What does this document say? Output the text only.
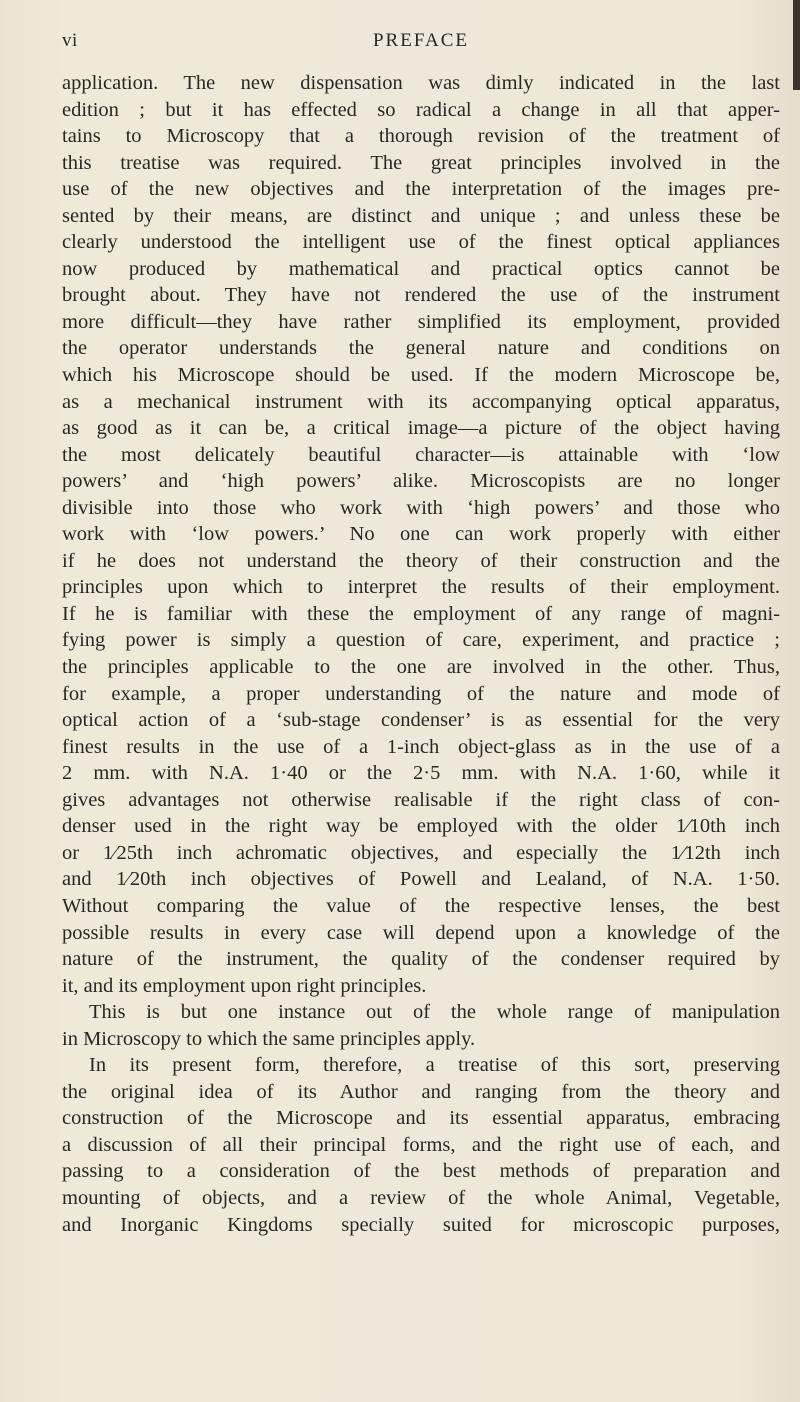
vi	PREFACE
application. The new dispensation was dimly indicated in the last
edition ; but it has effected so radical a change in all that apper-
tains to Microscopy that a thorough revision of the treatment of
this treatise was required. The great principles involved in the
use of the new objectives and the interpretation of the images pre-
sented by their means, are distinct and unique ; and unless these be
clearly understood the intelligent use of the finest optical appliances
now produced by mathematical and practical optics cannot be
brought about. They have not rendered the use of the instrument
more difficult—they have rather simplified its employment, provided
the operator understands the general nature and conditions on
which his Microscope should be used. If the modern Microscope be,
as a mechanical instrument with its accompanying optical apparatus,
as good as it can be, a critical image—a picture of the object having
the most delicately beautiful character—is attainable with ‘low
powers’ and ‘high powers’ alike. Microscopists are no longer
divisible into those who work with ‘high powers’ and those who
work with ‘low powers.’ No one can work properly with either
if he does not understand the theory of their construction and the
principles upon which to interpret the results of their employment.
If he is familiar with these the employment of any range of magni-
fying power is simply a question of care, experiment, and practice ;
the principles applicable to the one are involved in the other. Thus,
for example, a proper understanding of the nature and mode of
optical action of a ‘sub-stage condenser’ is as essential for the very
finest results in the use of a 1-inch object-glass as in the use of a
2 mm. with N.A. 1·40 or the 2·5 mm. with N.A. 1·60, while it
gives advantages not otherwise realisable if the right class of con-
denser used in the right way be employed with the older 1⁄10th inch
or 1⁄25th inch achromatic objectives, and especially the 1⁄12th inch
and 1⁄20th inch objectives of Powell and Lealand, of N.A. 1·50.
Without comparing the value of the respective lenses, the best
possible results in every case will depend upon a knowledge of the
nature of the instrument, the quality of the condenser required by
it, and its employment upon right principles.
This is but one instance out of the whole range of manipulation
in Microscopy to which the same principles apply.
In its present form, therefore, a treatise of this sort, preserving
the original idea of its Author and ranging from the theory and
construction of the Microscope and its essential apparatus, embracing
a discussion of all their principal forms, and the right use of each, and
passing to a consideration of the best methods of preparation and
mounting of objects, and a review of the whole Animal, Vegetable,
and Inorganic Kingdoms specially suited for microscopic purposes,
